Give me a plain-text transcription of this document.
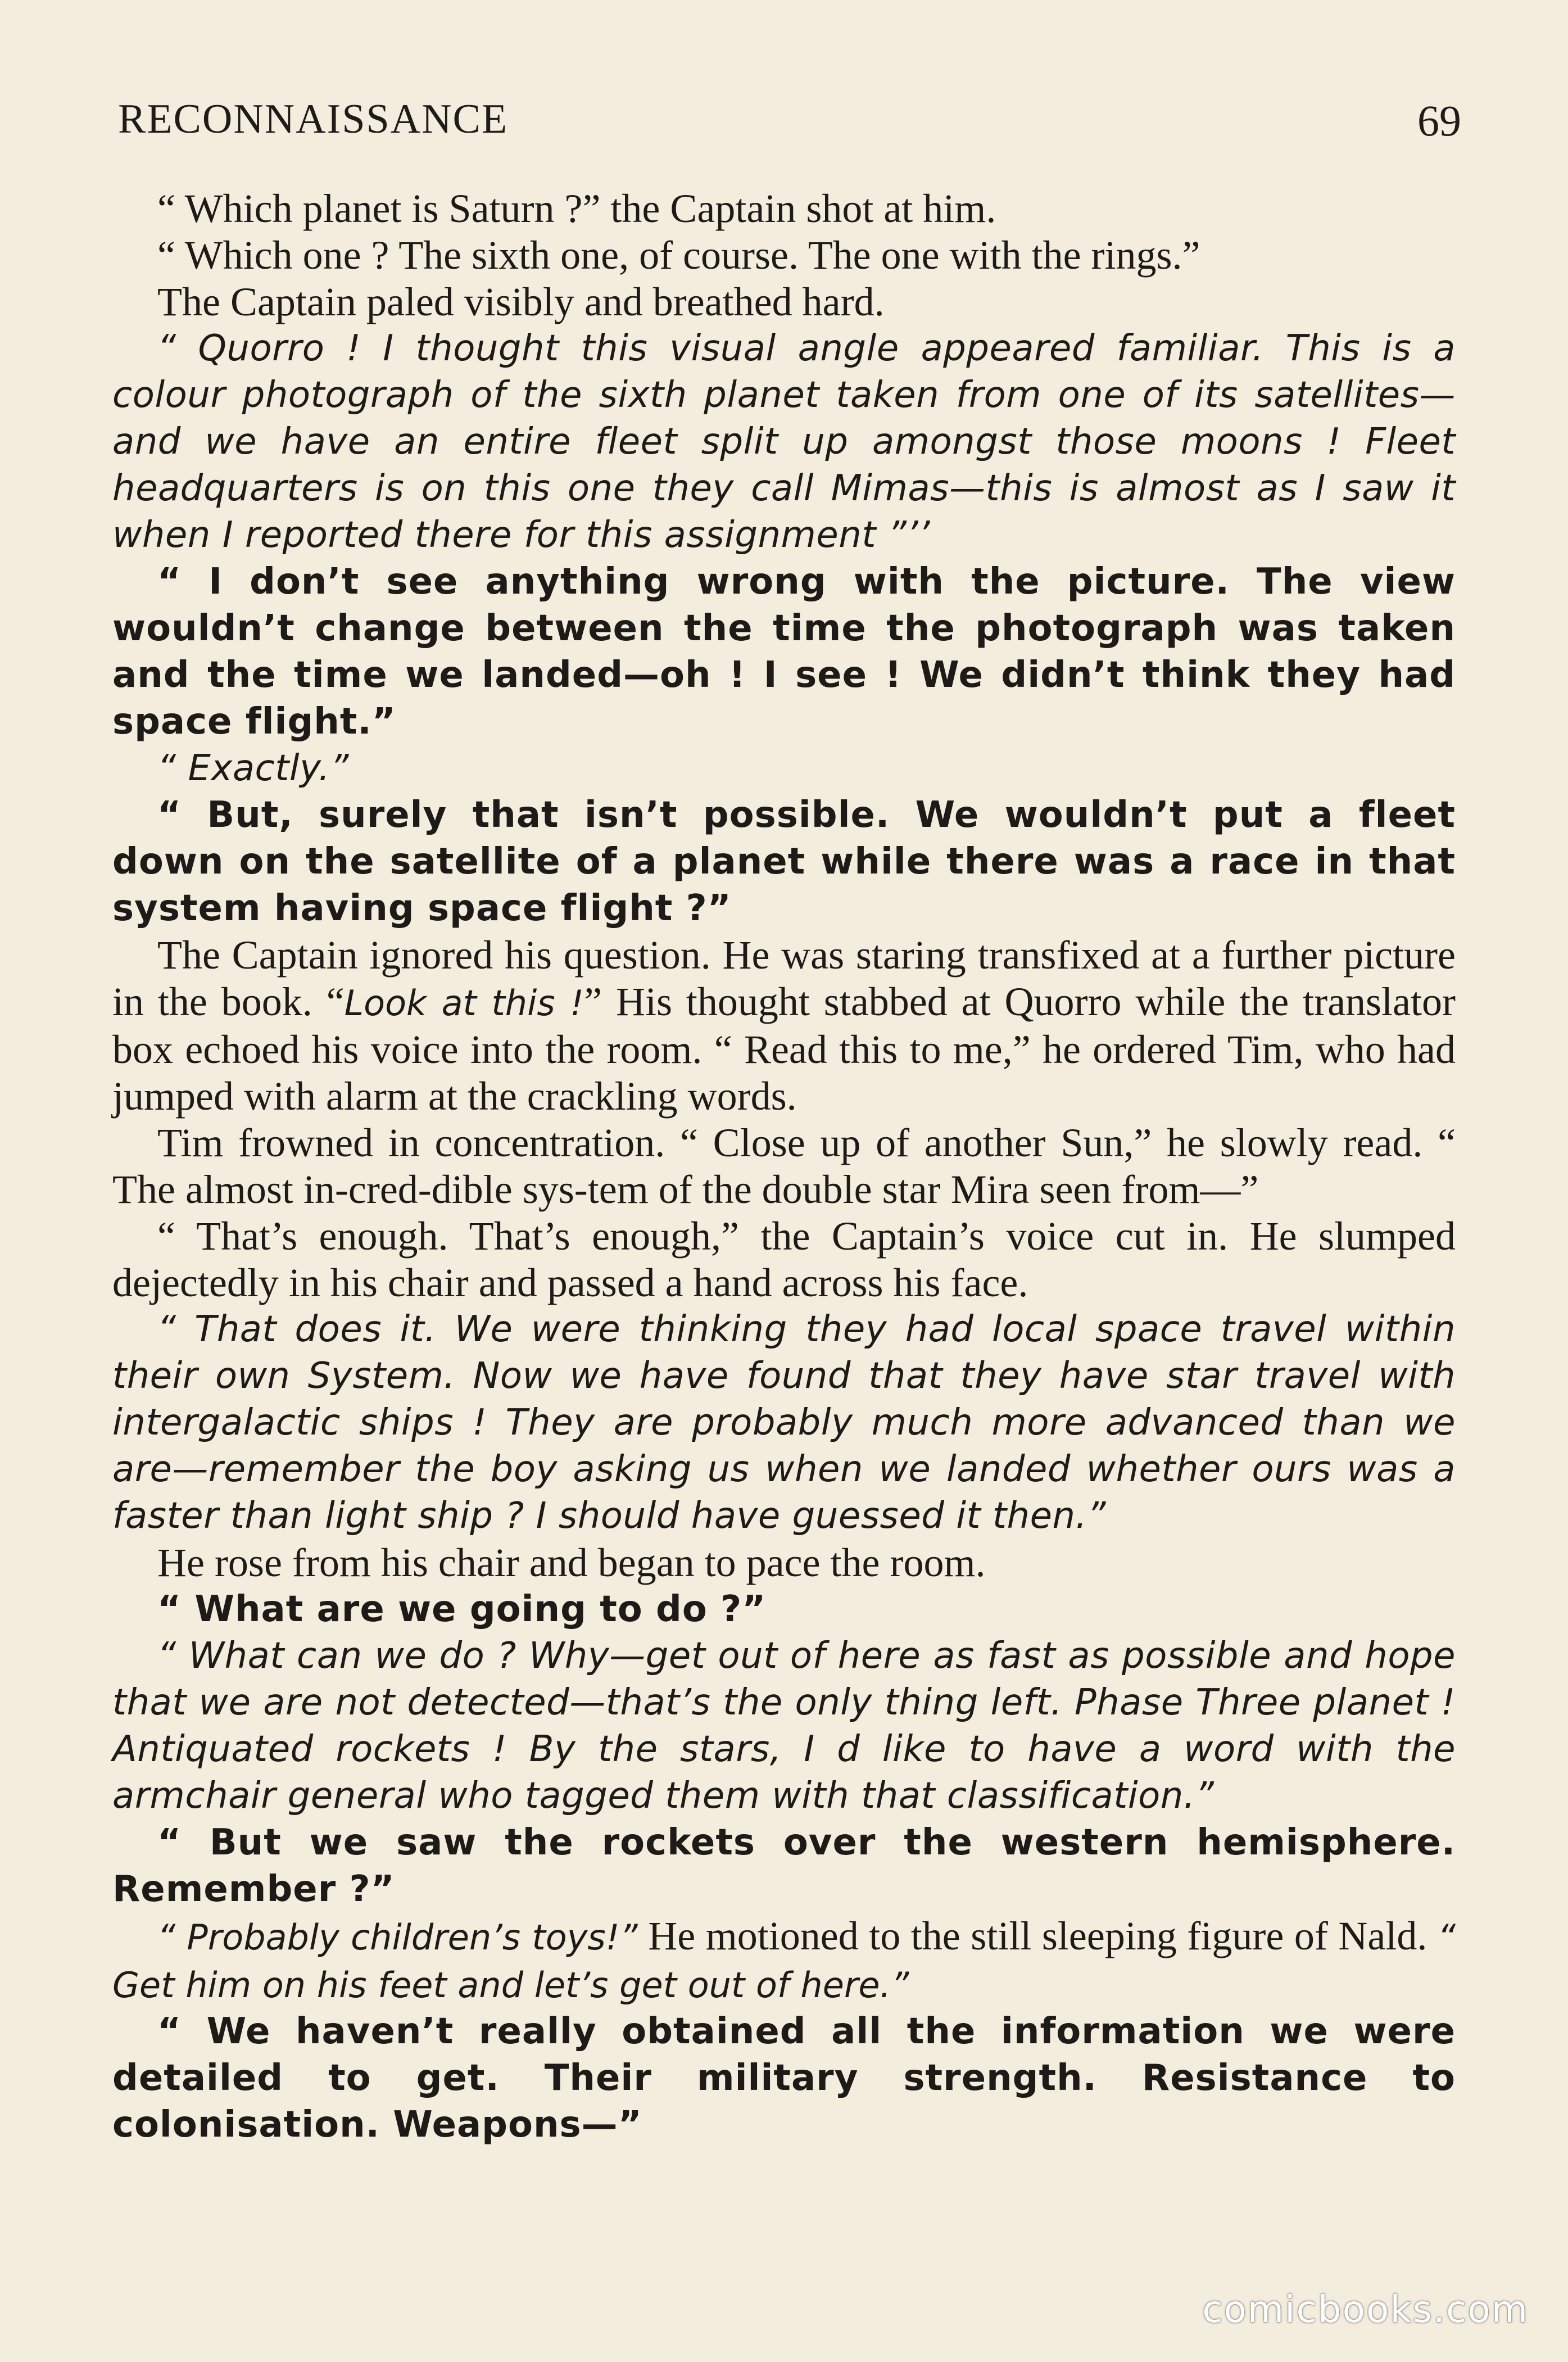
RECONNAISSANCE	69

“ Which planet is Saturn ?” the Captain shot at him.

“ Which one ? The sixth one, of course. The one with the rings.”

The Captain paled visibly and breathed hard.

“ Quorro ! I thought this visual angle appeared familiar. This is a colour photograph of the sixth planet taken from one of its satellites—and we have an entire fleet split up amongst those moons ! Fleet headquarters is on this one they call Mimas—this is almost as I saw it when I reported there for this assignment ”’’

“ I don’t see anything wrong with the picture. The view wouldn’t change between the time the photograph was taken and the time we landed—oh ! I see ! We didn’t think they had space flight.”

“ Exactly.”

“ But, surely that isn’t possible. We wouldn’t put a fleet down on the satellite of a planet while there was a race in that system having space flight ?”

The Captain ignored his question. He was staring transfixed at a further picture in the book. “Look at this !” His thought stabbed at Quorro while the translator box echoed his voice into the room. “ Read this to me,” he ordered Tim, who had jumped with alarm at the crackling words.

Tim frowned in concentration. “ Close up of another Sun,” he slowly read. “ The almost in-cred-dible sys-tem of the double star Mira seen from—”

“ That’s enough. That’s enough,” the Captain’s voice cut in. He slumped dejectedly in his chair and passed a hand across his face.

“ That does it. We were thinking they had local space travel within their own System. Now we have found that they have star travel with intergalactic ships ! They are probably much more advanced than we are—remember the boy asking us when we landed whether ours was a faster than light ship ? I should have guessed it then.”

He rose from his chair and began to pace the room.

“ What are we going to do ?”

“ What can we do ? Why—get out of here as fast as possible and hope that we are not detected—that’s the only thing left. Phase Three planet ! Antiquated rockets ! By the stars, I d like to have a word with the armchair general who tagged them with that classification.”

“ But we saw the rockets over the western hemisphere. Remember ?”

“ Probably children’s toys!” He motioned to the still sleeping figure of Nald. “ Get him on his feet and let’s get out of here.”

“ We haven’t really obtained all the information we were detailed to get. Their military strength. Resistance to colonisation. Weapons—”

comicbooks.com
